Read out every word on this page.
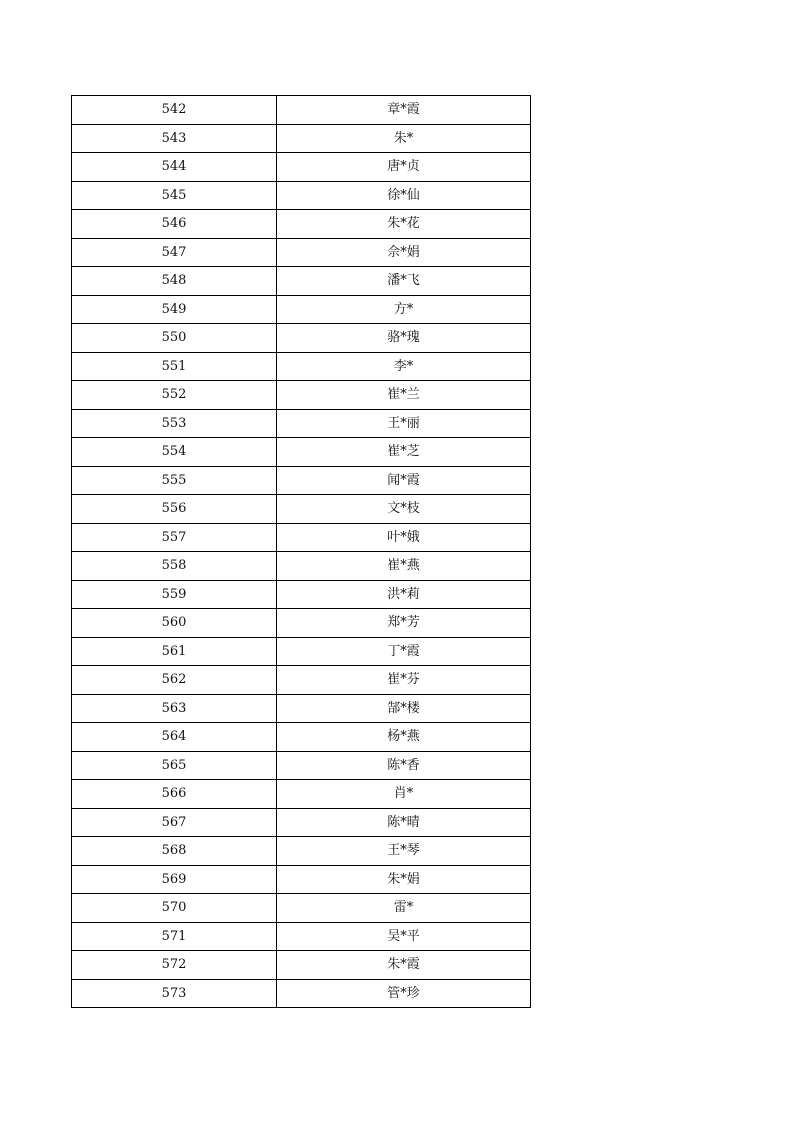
542	章*霞
543	朱*
544	唐*贞
545	徐*仙
546	朱*花
547	佘*娟
548	潘*飞
549	方*
550	骆*瑰
551	李*
552	崔*兰
553	王*丽
554	崔*芝
555	闻*霞
556	文*枝
557	叶*娥
558	崔*燕
559	洪*莉
560	郑*芳
561	丁*霞
562	崔*芬
563	郜*楼
564	杨*燕
565	陈*香
566	肖*
567	陈*晴
568	王*琴
569	朱*娟
570	雷*
571	吴*平
572	朱*霞
573	管*珍
